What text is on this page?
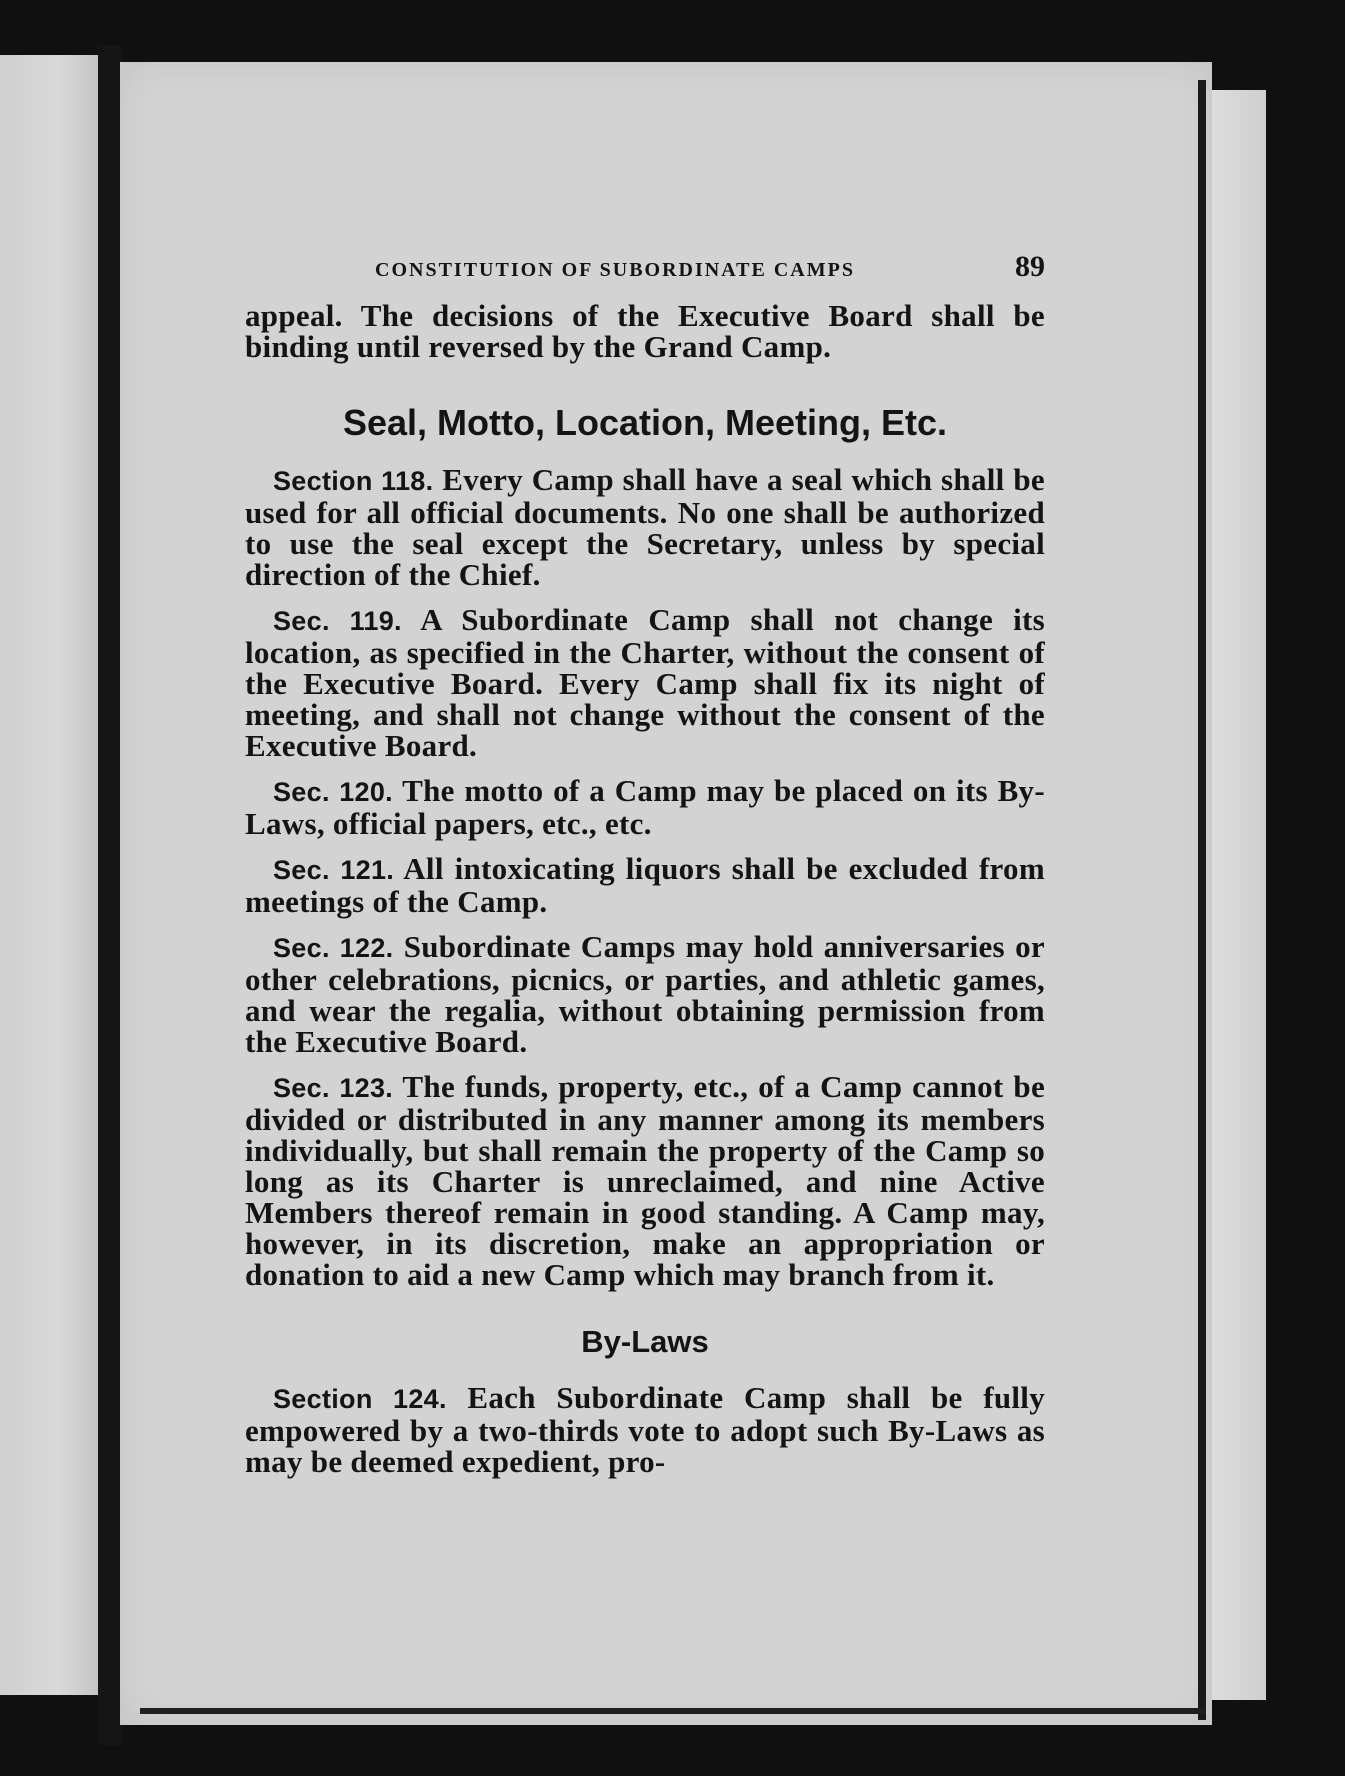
CONSTITUTION OF SUBORDINATE CAMPS	89

appeal. The decisions of the Executive Board shall be binding until reversed by the Grand Camp.

Seal, Motto, Location, Meeting, Etc.

Section 118. Every Camp shall have a seal which shall be used for all official documents. No one shall be authorized to use the seal except the Secretary, unless by special direction of the Chief.

Sec. 119. A Subordinate Camp shall not change its location, as specified in the Charter, without the consent of the Executive Board. Every Camp shall fix its night of meeting, and shall not change without the consent of the Executive Board.

Sec. 120. The motto of a Camp may be placed on its By-Laws, official papers, etc., etc.

Sec. 121. All intoxicating liquors shall be excluded from meetings of the Camp.

Sec. 122. Subordinate Camps may hold anniversaries or other celebrations, picnics, or parties, and athletic games, and wear the regalia, without obtaining permission from the Executive Board.

Sec. 123. The funds, property, etc., of a Camp cannot be divided or distributed in any manner among its members individually, but shall remain the property of the Camp so long as its Charter is unreclaimed, and nine Active Members thereof remain in good standing. A Camp may, however, in its discretion, make an appropriation or donation to aid a new Camp which may branch from it.

By-Laws

Section 124. Each Subordinate Camp shall be fully empowered by a two-thirds vote to adopt such By-Laws as may be deemed expedient, pro-
